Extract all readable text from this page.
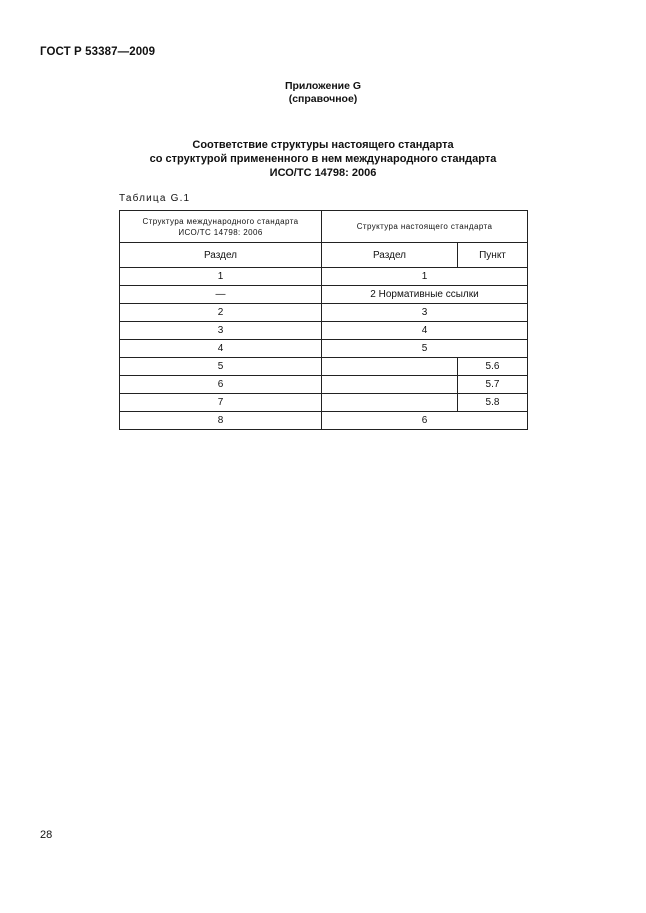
ГОСТ Р 53387—2009
Приложение G
(справочное)
Соответствие структуры настоящего стандарта
со структурой примененного в нем международного стандарта
ИСО/ТС 14798: 2006
Таблица G.1
Структура международного стандарта
ИСО/ТС 14798: 2006	Структура настоящего стандарта	
Раздел	Раздел	Пункт
1	1	
—	2 Нормативные ссылки	
2	3	
3	4	
4	5	
5		5.6
6		5.7
7		5.8
8	6	
28
